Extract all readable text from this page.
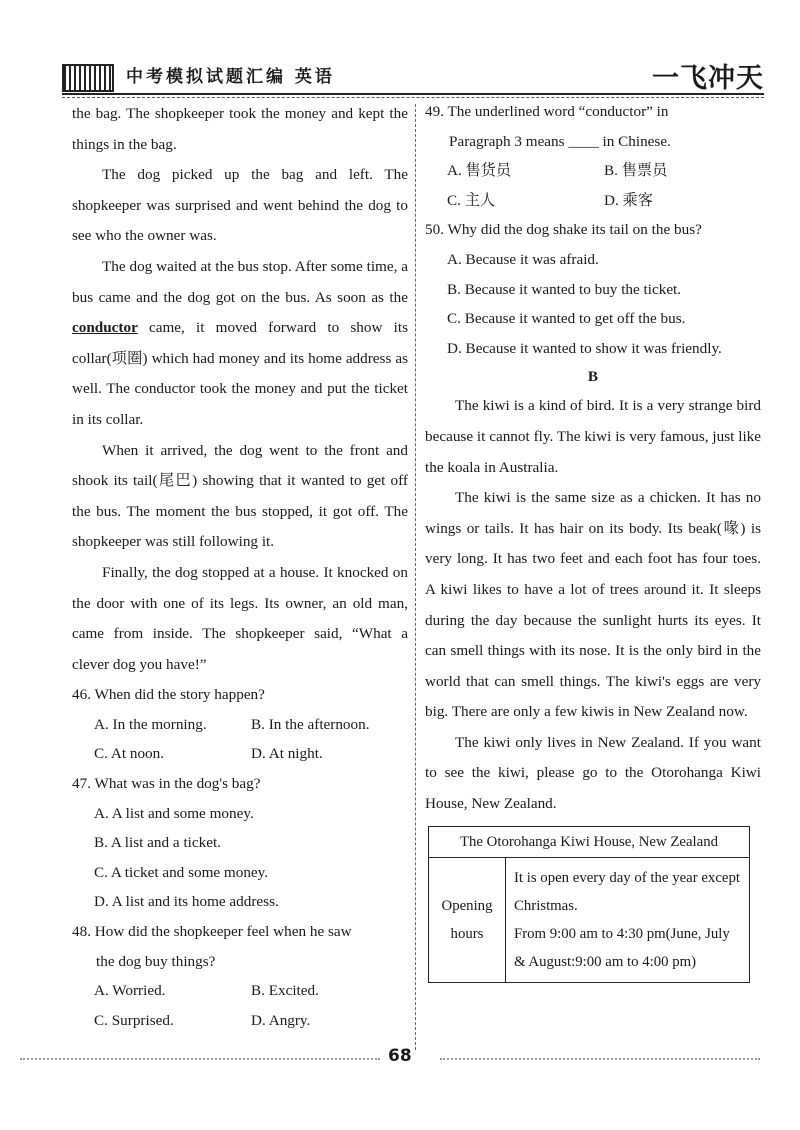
中考模拟试题汇编 英语	一飞冲天

the bag. The shopkeeper took the money and kept the things in the bag.

The dog picked up the bag and left. The shopkeeper was surprised and went behind the dog to see who the owner was.

The dog waited at the bus stop. After some time, a bus came and the dog got on the bus. As soon as the conductor came, it moved forward to show its collar(项圈) which had money and its home address as well. The conductor took the money and put the ticket in its collar.

When it arrived, the dog went to the front and shook its tail(尾巴) showing that it wanted to get off the bus. The moment the bus stopped, it got off. The shopkeeper was still following it.

Finally, the dog stopped at a house. It knocked on the door with one of its legs. Its owner, an old man, came from inside. The shopkeeper said, “What a clever dog you have!”

46. When did the story happen?
A. In the morning.	B. In the afternoon.
C. At noon.	D. At night.
47. What was in the dog's bag?
A. A list and some money.
B. A list and a ticket.
C. A ticket and some money.
D. A list and its home address.
48. How did the shopkeeper feel when he saw
the dog buy things?
A. Worried.	B. Excited.
C. Surprised.	D. Angry.
49. The underlined word “conductor” in
Paragraph 3 means ____ in Chinese.
A. 售货员	B. 售票员
C. 主人	D. 乘客
50. Why did the dog shake its tail on the bus?
A. Because it was afraid.
B. Because it wanted to buy the ticket.
C. Because it wanted to get off the bus.
D. Because it wanted to show it was friendly.
B

The kiwi is a kind of bird. It is a very strange bird because it cannot fly. The kiwi is very famous, just like the koala in Australia.

The kiwi is the same size as a chicken. It has no wings or tails. It has hair on its body. Its beak(喙) is very long. It has two feet and each foot has four toes. A kiwi likes to have a lot of trees around it. It sleeps during the day because the sunlight hurts its eyes. It can smell things with its nose. It is the only bird in the world that can smell things. The kiwi's eggs are very big. There are only a few kiwis in New Zealand now.

The kiwi only lives in New Zealand. If you want to see the kiwi, please go to the Otorohanga Kiwi House, New Zealand.

The Otorohanga Kiwi House, New Zealand
Opening hours	
It is open every day of the year except Christmas.
From 9:00 am to 4:30 pm(June, July & August:9:00 am to 4:00 pm)
68
